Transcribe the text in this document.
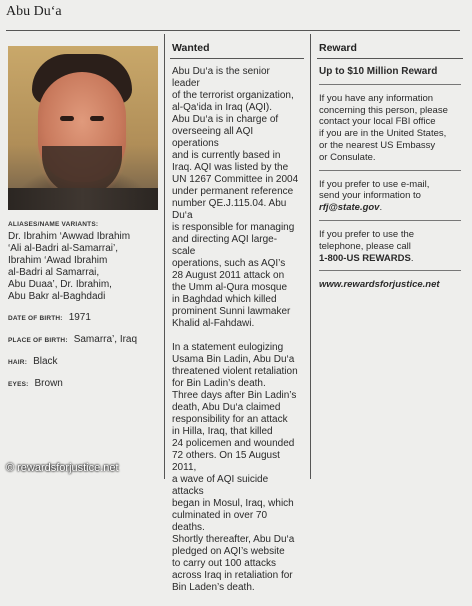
Abu Du‘a
ALIASES/NAME VARIANTS:
Dr. Ibrahim ‘Awwad Ibrahim
‘Ali al-Badri al-Samarrai’,
Ibrahim ‘Awad Ibrahim
al-Badri al Samarrai,
Abu Duaa’, Dr. Ibrahim,
Abu Bakr al-Baghdadi
DATE OF BIRTH: 1971
PLACE OF BIRTH: Samarra’, Iraq
HAIR: Black
EYES: Brown
Wanted	Reward

Abu Du‘a is the senior leader
of the terrorist organization,
al-Qa‘ida in Iraq (AQI).
Abu Du‘a is in charge of
overseeing all AQI operations
and is currently based in
Iraq. AQI was listed by the
UN 1267 Committee in 2004
under permanent reference
number QE.J.115.04. Abu Du‘a
is responsible for managing
and directing AQI large-scale
operations, such as AQI’s
28 August 2011 attack on
the Umm al-Qura mosque
in Baghdad which killed
prominent Sunni lawmaker
Khalid al-Fahdawi.

In a statement eulogizing
Usama Bin Ladin, Abu Du‘a
threatened violent retaliation
for Bin Ladin’s death.
Three days after Bin Ladin’s
death, Abu Du‘a claimed
responsibility for an attack
in Hilla, Iraq, that killed
24 policemen and wounded
72 others. On 15 August 2011,
a wave of AQI suicide attacks
began in Mosul, Iraq, which
culminated in over 70 deaths.
Shortly thereafter, Abu Du‘a
pledged on AQI’s website
to carry out 100 attacks
across Iraq in retaliation for
Bin Laden’s death.

Up to $10 Million Reward

If you have any information
concerning this person, please
contact your local FBI office
if you are in the United States,
or the nearest US Embassy
or Consulate.

If you prefer to use e-mail,
send your information to
rfj@state.gov.

If you prefer to use the
telephone, please call
1-800-US REWARDS.

www.rewardsforjustice.net

© rewardsforjustice.net
